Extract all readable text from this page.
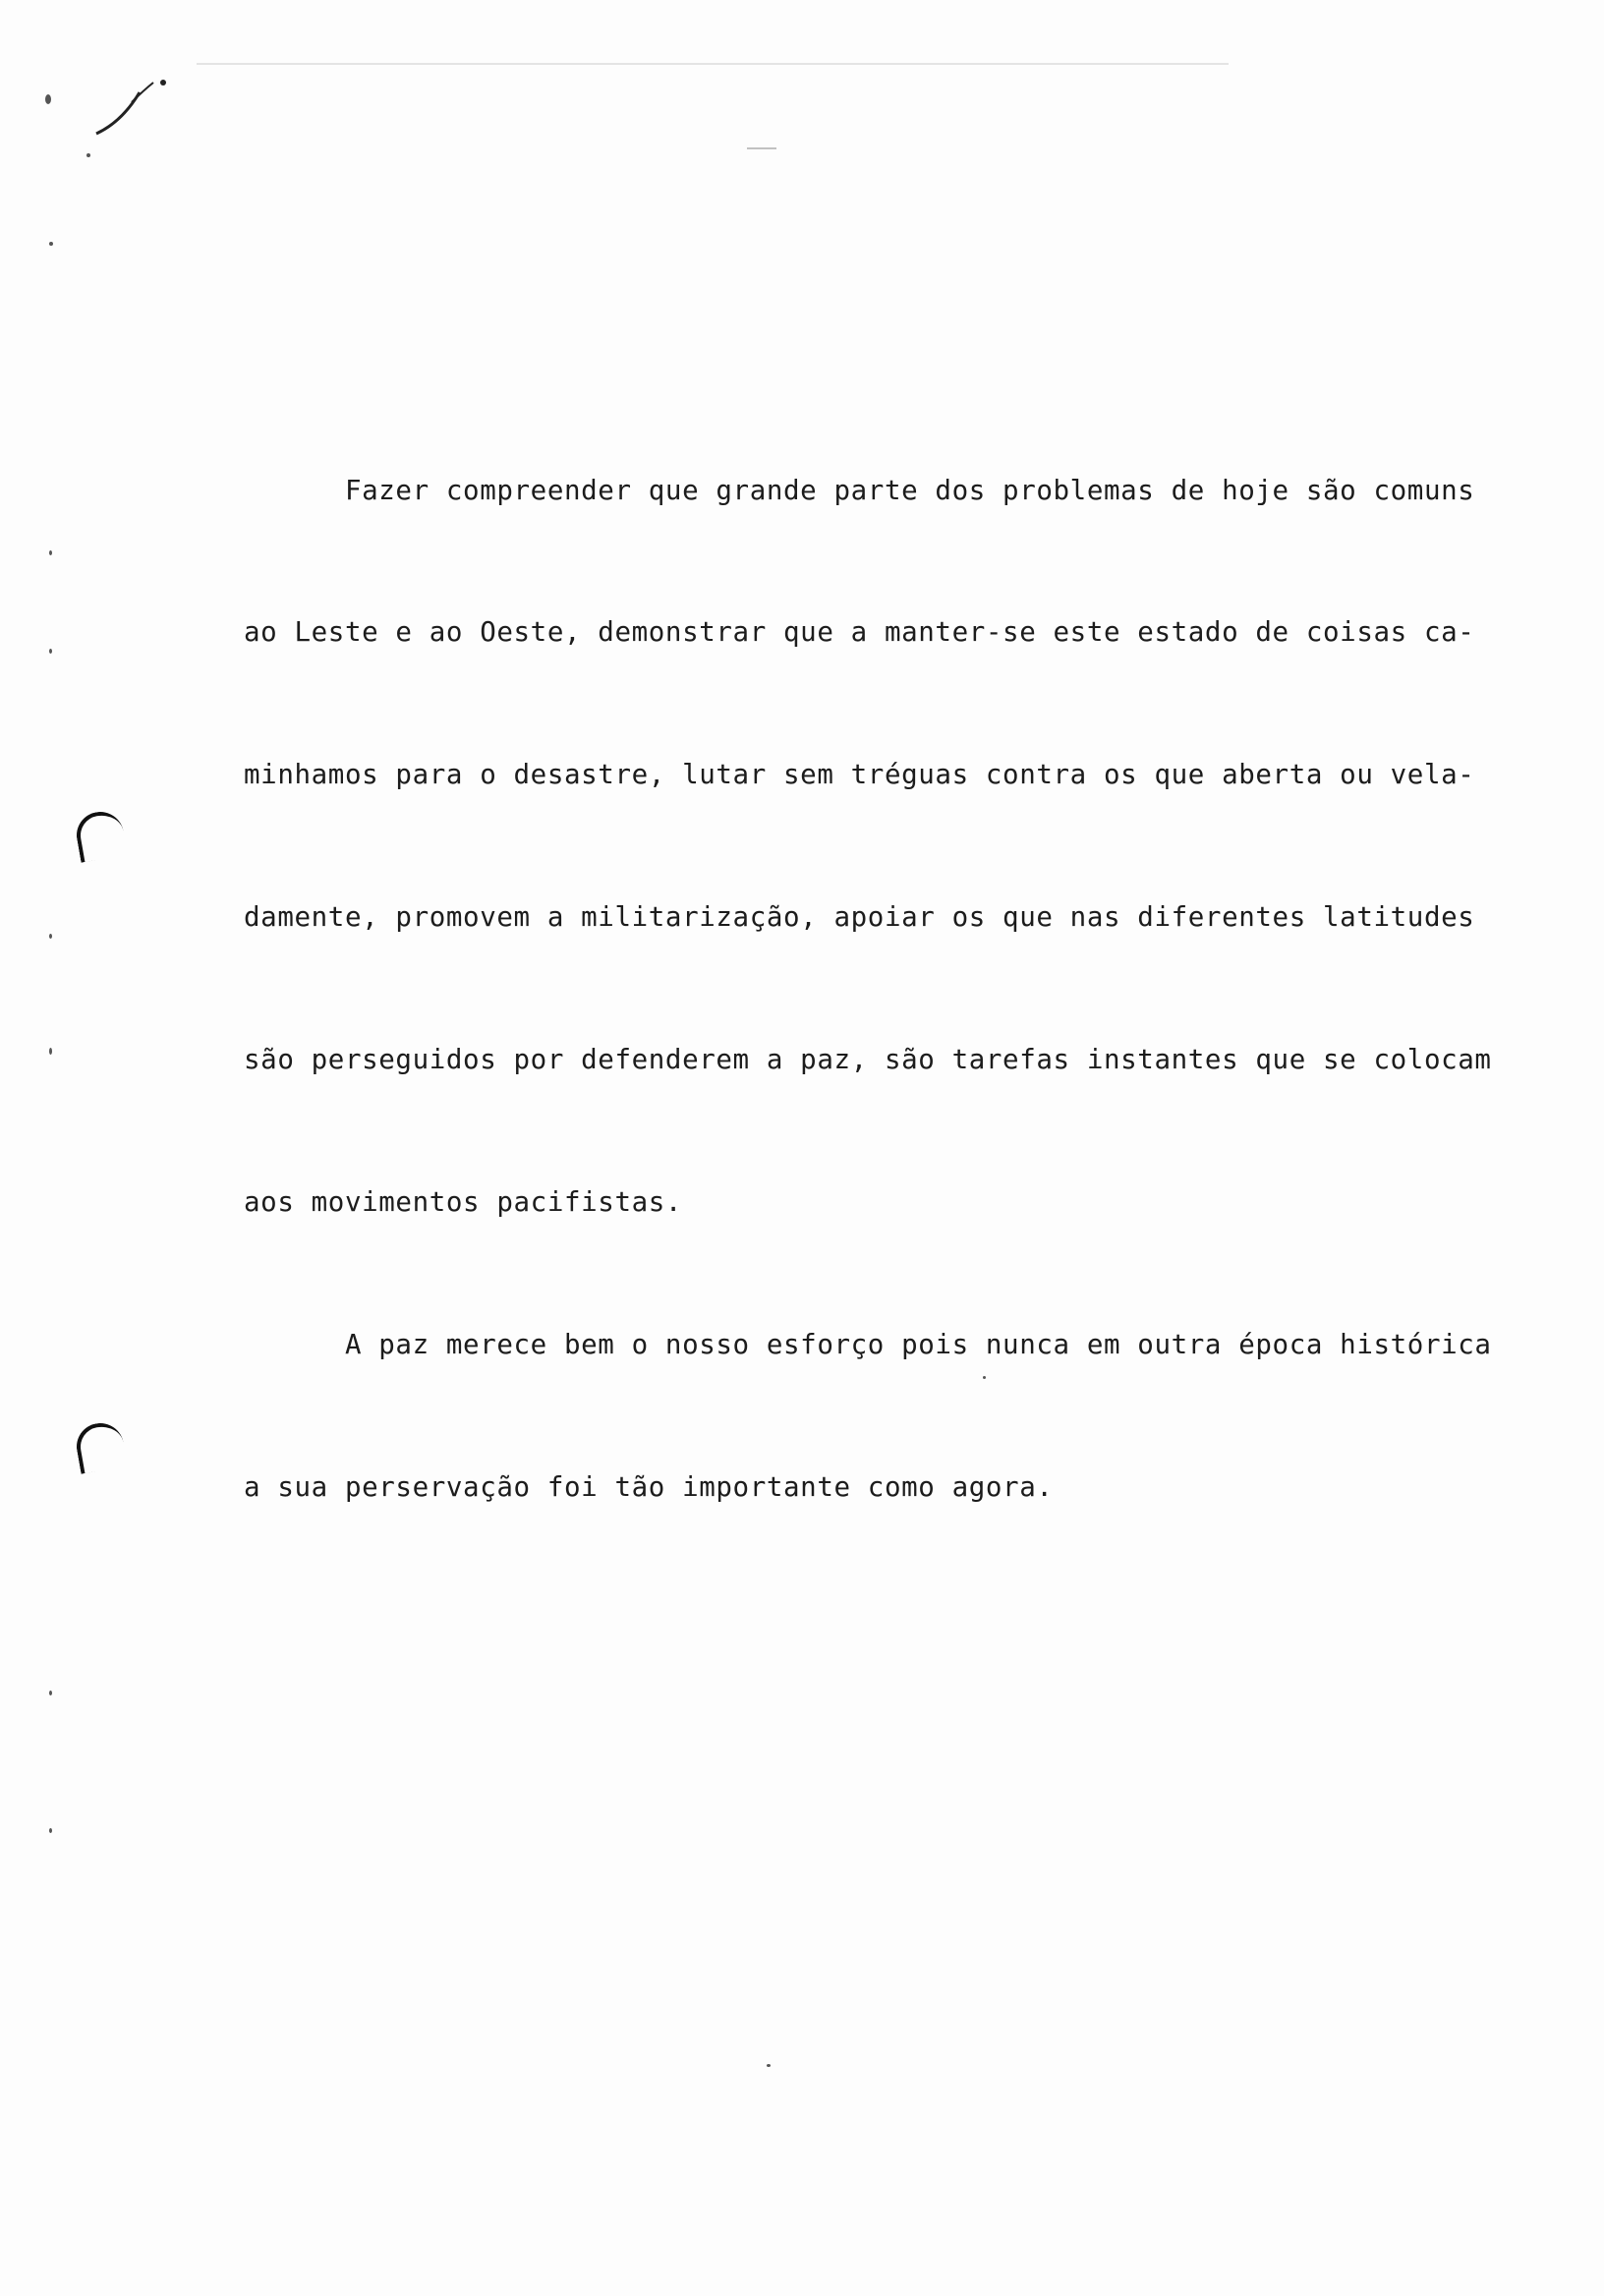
Fazer compreender que grande parte dos problemas de hoje são comuns

ao Leste e ao Oeste, demonstrar que a manter-se este estado de coisas ca-

minhamos para o desastre, lutar sem tréguas contra os que aberta ou vela-

damente, promovem a militarização, apoiar os que nas diferentes latitudes

são perseguidos por defenderem a paz, são tarefas instantes que se colocam

aos movimentos pacifistas.

A paz merece bem o nosso esforço pois nunca em outra época histórica

a sua perservação foi tão importante como agora.
